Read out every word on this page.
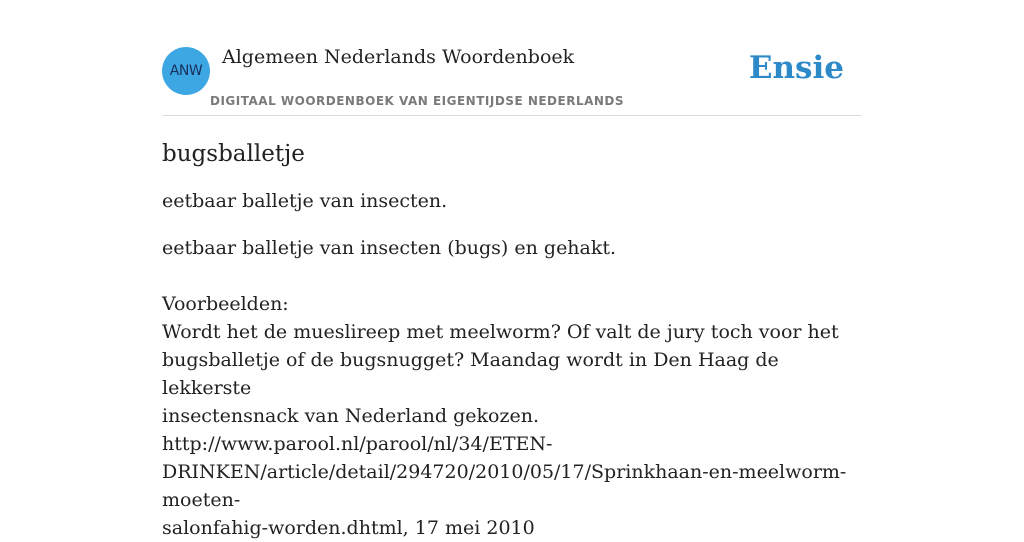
ANW
Algemeen Nederlands Woordenboek
DIGITAAL WOORDENBOEK VAN EIGENTIJDSE NEDERLANDS
Ensie
bugsballetje

eetbaar balletje van insecten.

eetbaar balletje van insecten (bugs) en gehakt.
Voorbeelden:
Wordt het de mueslireep met meelworm? Of valt de jury toch voor het
bugsballetje of de bugsnugget? Maandag wordt in Den Haag de lekkerste
insectensnack van Nederland gekozen.
http://www.parool.nl/parool/nl/34/ETEN-
DRINKEN/article/detail/294720/2010/05/17/Sprinkhaan-en-meelworm-moeten-
salonfahig-worden.dhtml, 17 mei 2010
